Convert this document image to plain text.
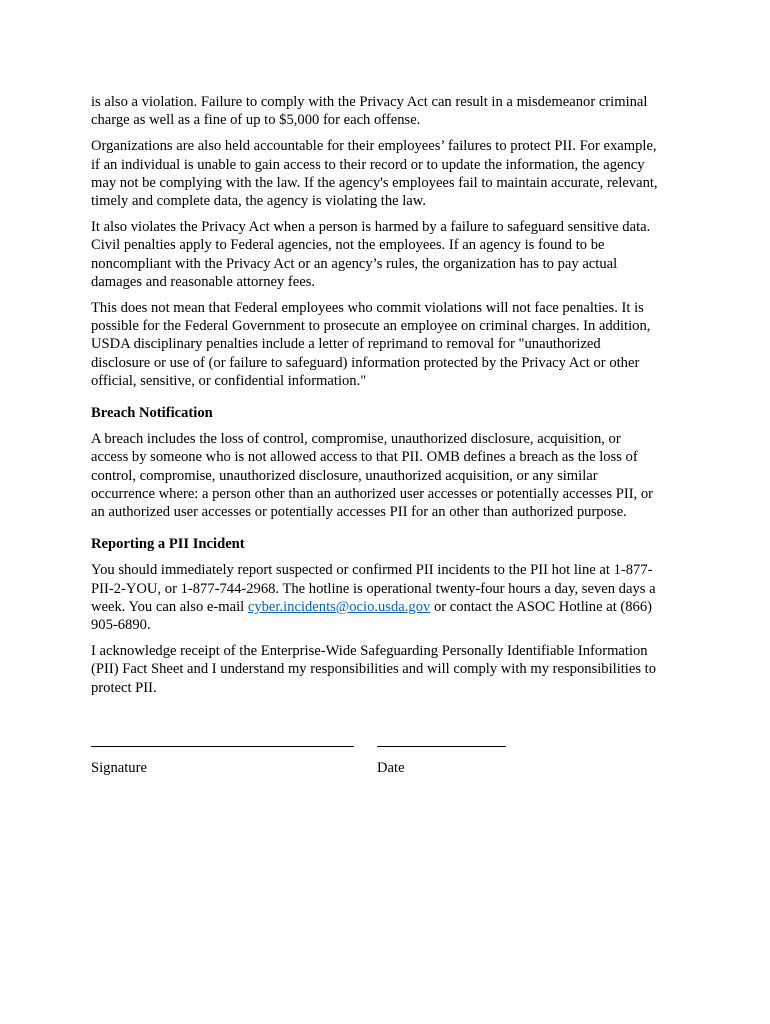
is also a violation. Failure to comply with the Privacy Act can result in a misdemeanor criminal
charge as well as a fine of up to $5,000 for each offense.

Organizations are also held accountable for their employees’ failures to protect PII. For example,
if an individual is unable to gain access to their record or to update the information, the agency
may not be complying with the law. If the agency's employees fail to maintain accurate, relevant,
timely and complete data, the agency is violating the law.

It also violates the Privacy Act when a person is harmed by a failure to safeguard sensitive data.
Civil penalties apply to Federal agencies, not the employees. If an agency is found to be
noncompliant with the Privacy Act or an agency’s rules, the organization has to pay actual
damages and reasonable attorney fees.

This does not mean that Federal employees who commit violations will not face penalties. It is
possible for the Federal Government to prosecute an employee on criminal charges. In addition,
USDA disciplinary penalties include a letter of reprimand to removal for "unauthorized
disclosure or use of (or failure to safeguard) information protected by the Privacy Act or other
official, sensitive, or confidential information."

Breach Notification

A breach includes the loss of control, compromise, unauthorized disclosure, acquisition, or
access by someone who is not allowed access to that PII. OMB defines a breach as the loss of
control, compromise, unauthorized disclosure, unauthorized acquisition, or any similar
occurrence where: a person other than an authorized user accesses or potentially accesses PII, or
an authorized user accesses or potentially accesses PII for an other than authorized purpose.

Reporting a PII Incident

You should immediately report suspected or confirmed PII incidents to the PII hot line at 1-877-
PII-2-YOU, or 1-877-744-2968. The hotline is operational twenty-four hours a day, seven days a
week. You can also e-mail cyber.incidents@ocio.usda.gov or contact the ASOC Hotline at (866)
905-6890.

I acknowledge receipt of the Enterprise-Wide Safeguarding Personally Identifiable Information
(PII) Fact Sheet and I understand my responsibilities and will comply with my responsibilities to
protect PII.

Signature	Date
